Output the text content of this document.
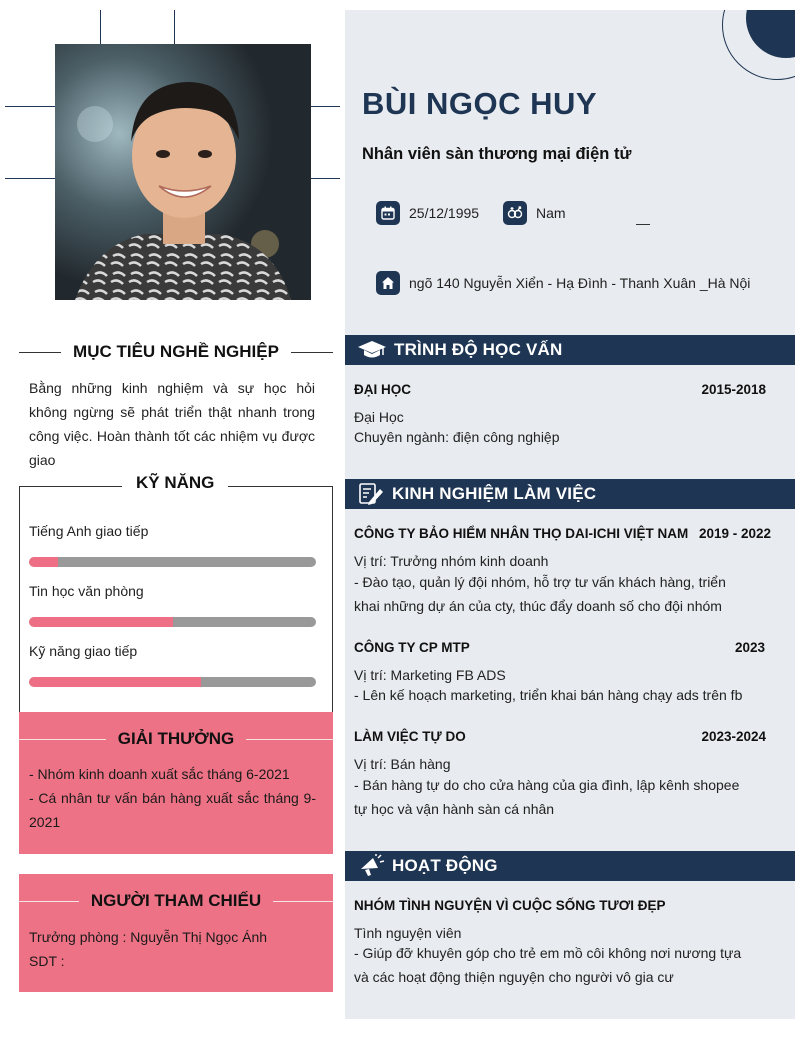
BÙI NGỌC HUY
Nhân viên sàn thương mại điện tử
25/12/1995	Nam
ngõ 140 Nguyễn Xiển - Hạ Đình - Thanh Xuân _Hà Nội
MỤC TIÊU NGHỀ NGHIỆP
Bằng những kinh nghiệm và sự học hỏi không ngừng sẽ phát triển thật nhanh trong công việc. Hoàn thành tốt các nhiệm vụ được giao
KỸ NĂNG
Tiếng Anh giao tiếp
Tin học văn phòng
Kỹ năng giao tiếp
GIẢI THƯỞNG
- Nhóm kinh doanh xuất sắc tháng 6-2021
- Cá nhân tư vấn bán hàng xuất sắc tháng 9-2021
NGƯỜI THAM CHIẾU
Trưởng phòng : Nguyễn Thị Ngọc Ánh
SDT :
TRÌNH ĐỘ HỌC VẤN
ĐẠI HỌC	2015-2018
Đại Học
Chuyên ngành: điện công nghiệp
KINH NGHIỆM LÀM VIỆC
CÔNG TY BẢO HIỂM NHÂN THỌ DAI-ICHI VIỆT NAM 2019 - 2022
Vị trí: Trưởng nhóm kinh doanh
- Đào tạo, quản lý đội nhóm, hỗ trợ tư vấn khách hàng, triển khai những dự án của cty, thúc đẩy doanh số cho đội nhóm
CÔNG TY CP MTP	2023
Vị trí: Marketing FB ADS
- Lên kế hoạch marketing, triển khai bán hàng chạy ads trên fb
LÀM VIỆC TỰ DO	2023-2024
Vị trí: Bán hàng
- Bán hàng tự do cho cửa hàng của gia đình, lập kênh shopee tự học và vận hành sàn cá nhân
HOẠT ĐỘNG
NHÓM TÌNH NGUYỆN VÌ CUỘC SỐNG TƯƠI ĐẸP
Tình nguyện viên
- Giúp đỡ khuyên góp cho trẻ em mồ côi không nơi nương tựa và các hoạt động thiện nguyện cho người vô gia cư
